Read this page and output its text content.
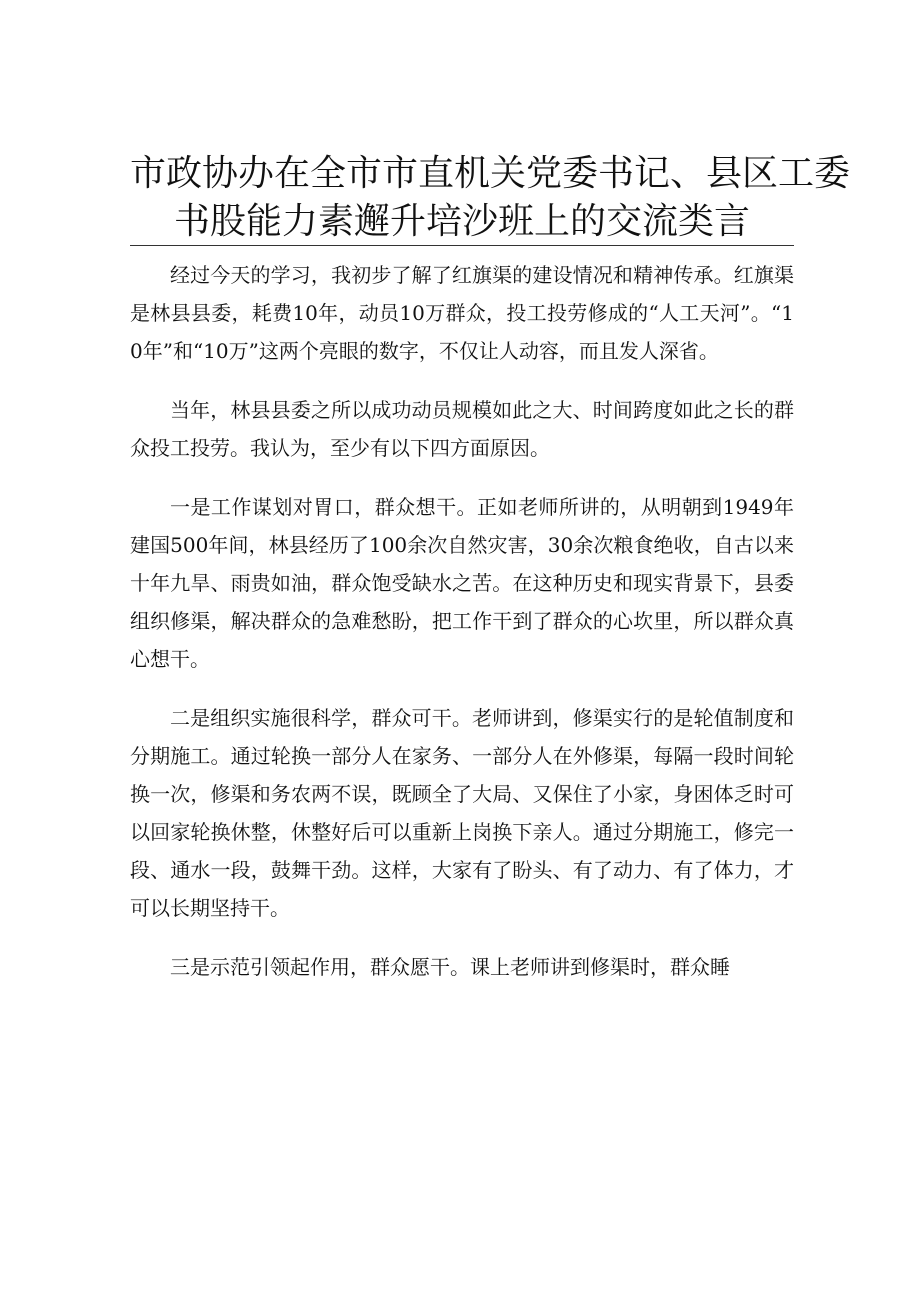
市政协办在全市市直机关党委书记、县区工委
书股能力素邂升培沙班上的交流类言

经过今天的学习，我初步了解了红旗渠的建设情况和精神传承。红旗渠是林县县委，耗费10年，动员10万群众，投工投劳修成的“人工天河”。“10年”和“10万”这两个亮眼的数字，不仅让人动容，而且发人深省。

当年，林县县委之所以成功动员规模如此之大、时间跨度如此之长的群众投工投劳。我认为，至少有以下四方面原因。

一是工作谋划对胃口，群众想干。正如老师所讲的，从明朝到1949年建国500年间，林县经历了100余次自然灾害，30余次粮食绝收，自古以来十年九旱、雨贵如油，群众饱受缺水之苦。在这种历史和现实背景下，县委组织修渠，解决群众的急难愁盼，把工作干到了群众的心坎里，所以群众真心想干。

二是组织实施很科学，群众可干。老师讲到，修渠实行的是轮值制度和分期施工。通过轮换一部分人在家务、一部分人在外修渠，每隔一段时间轮换一次，修渠和务农两不误，既顾全了大局、又保住了小家，身困体乏时可以回家轮换休整，休整好后可以重新上岗换下亲人。通过分期施工，修完一段、通水一段，鼓舞干劲。这样，大家有了盼头、有了动力、有了体力，才可以长期坚持干。

三是示范引领起作用，群众愿干。课上老师讲到修渠时，群众睡
